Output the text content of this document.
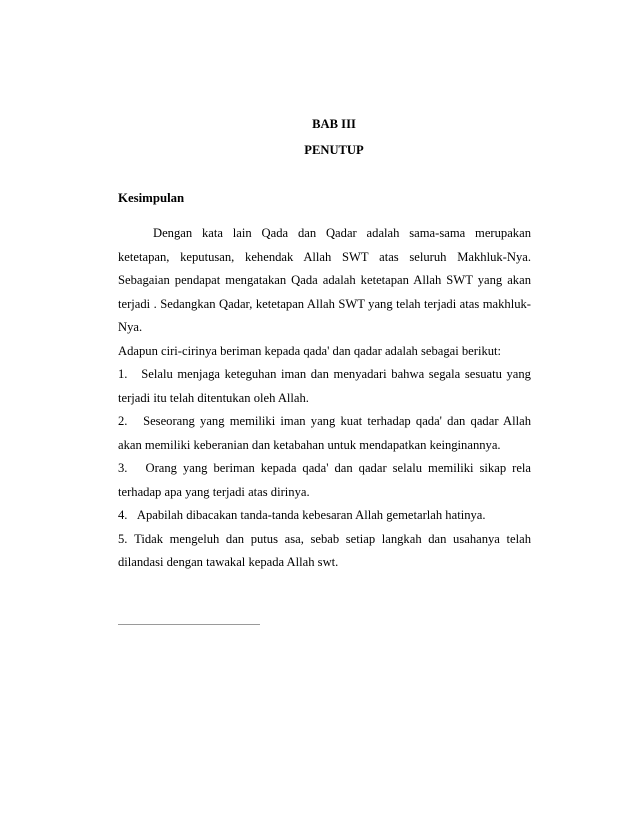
BAB III
PENUTUP
Kesimpulan

Dengan kata lain Qada dan Qadar adalah sama-sama merupakan ketetapan, keputusan, kehendak Allah SWT atas seluruh Makhluk-Nya. Sebagaian pendapat mengatakan Qada adalah ketetapan Allah SWT yang akan terjadi . Sedangkan Qadar, ketetapan Allah SWT yang telah terjadi atas makhluk-Nya.

Adapun ciri-cirinya beriman kepada qada' dan qadar adalah sebagai berikut:

1. Selalu menjaga keteguhan iman dan menyadari bahwa segala sesuatu yang terjadi itu telah ditentukan oleh Allah.

2. Seseorang yang memiliki iman yang kuat terhadap qada' dan qadar Allah akan memiliki keberanian dan ketabahan untuk mendapatkan keinginannya.

3. Orang yang beriman kepada qada' dan qadar selalu memiliki sikap rela terhadap apa yang terjadi atas dirinya.

4. Apabilah dibacakan tanda-tanda kebesaran Allah gemetarlah hatinya.

5. Tidak mengeluh dan putus asa, sebab setiap langkah dan usahanya telah dilandasi dengan tawakal kepada Allah swt.
